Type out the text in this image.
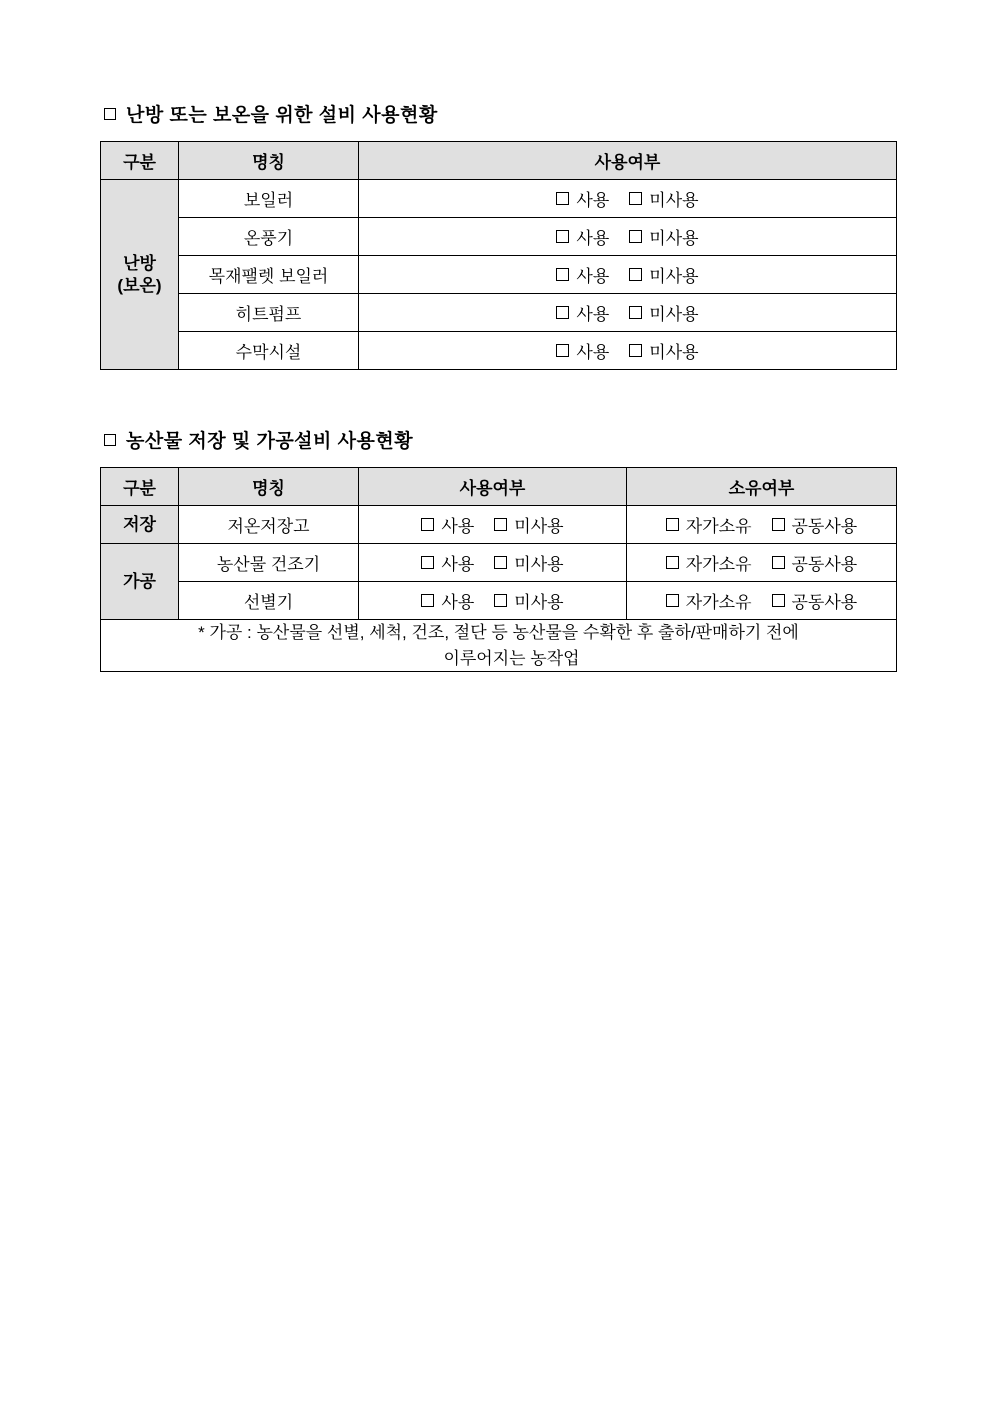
난방 또는 보온을 위한 설비 사용현황
구분	명칭	사용여부

난방
(보온)
	보일러	사용 미사용

	온풍기	사용 미사용

	목재팰렛 보일러	사용 미사용

	히트펌프	사용 미사용

	수막시설	사용 미사용
농산물 저장 및 가공설비 사용현황
구분	명칭	사용여부	소유여부
저장	저온저장고	사용 미사용	자가소유 공동사용

가공	농산물 건조기	사용 미사용	자가소유 공동사용

	선별기	사용 미사용	자가소유 공동사용

* 가공 : 농산물을 선별, 세척, 건조, 절단 등 농산물을 수확한 후 출하/판매하기 전에
이루어지는 농작업			
